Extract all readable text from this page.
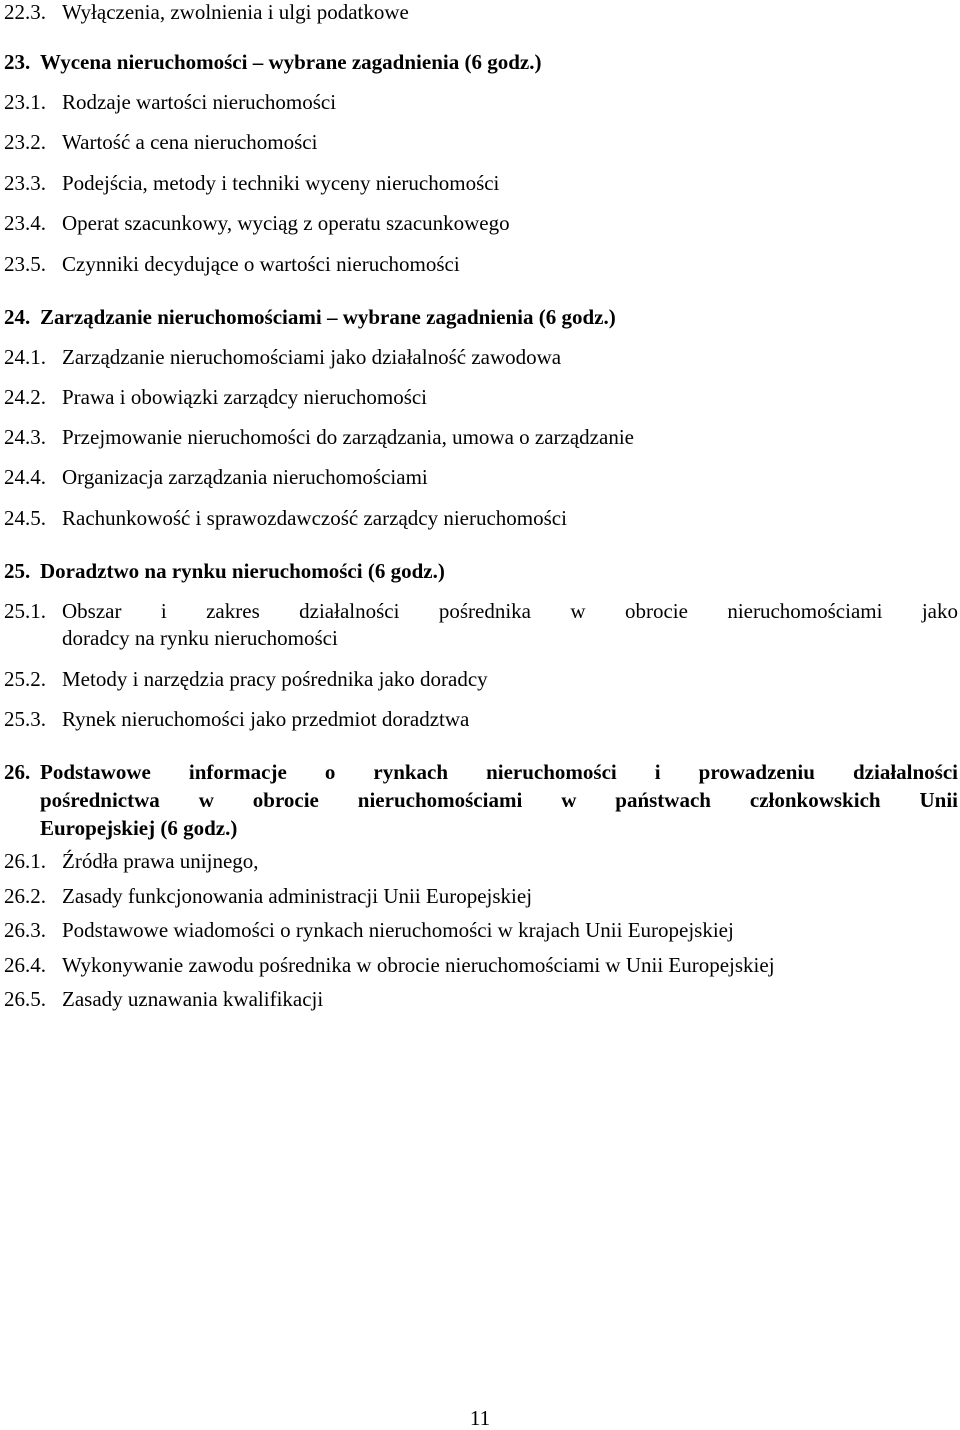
22.3. Wyłączenia, zwolnienia i ulgi podatkowe
23. Wycena nieruchomości – wybrane zagadnienia (6 godz.)
23.1. Rodzaje wartości nieruchomości
23.2. Wartość a cena nieruchomości
23.3. Podejścia, metody i techniki wyceny nieruchomości
23.4. Operat szacunkowy, wyciąg z operatu szacunkowego
23.5. Czynniki decydujące o wartości nieruchomości
24. Zarządzanie nieruchomościami – wybrane zagadnienia (6 godz.)
24.1. Zarządzanie nieruchomościami jako działalność zawodowa
24.2. Prawa i obowiązki zarządcy nieruchomości
24.3. Przejmowanie nieruchomości do zarządzania, umowa o zarządzanie
24.4. Organizacja zarządzania nieruchomościami
24.5. Rachunkowość i sprawozdawczość zarządcy nieruchomości
25. Doradztwo na rynku nieruchomości (6 godz.)
25.1. Obszar i zakres działalności pośrednika w obrocie nieruchomościami jako
doradcy na rynku nieruchomości
25.2. Metody i narzędzia pracy pośrednika jako doradcy
25.3. Rynek nieruchomości jako przedmiot doradztwa
26. Podstawowe informacje o rynkach nieruchomości i prowadzeniu działalności
pośrednictwa w obrocie nieruchomościami w państwach członkowskich Unii
Europejskiej (6 godz.)
26.1. Źródła prawa unijnego,
26.2. Zasady funkcjonowania administracji Unii Europejskiej
26.3. Podstawowe wiadomości o rynkach nieruchomości w krajach Unii Europejskiej
26.4. Wykonywanie zawodu pośrednika w obrocie nieruchomościami w Unii Europejskiej
26.5. Zasady uznawania kwalifikacji
11
